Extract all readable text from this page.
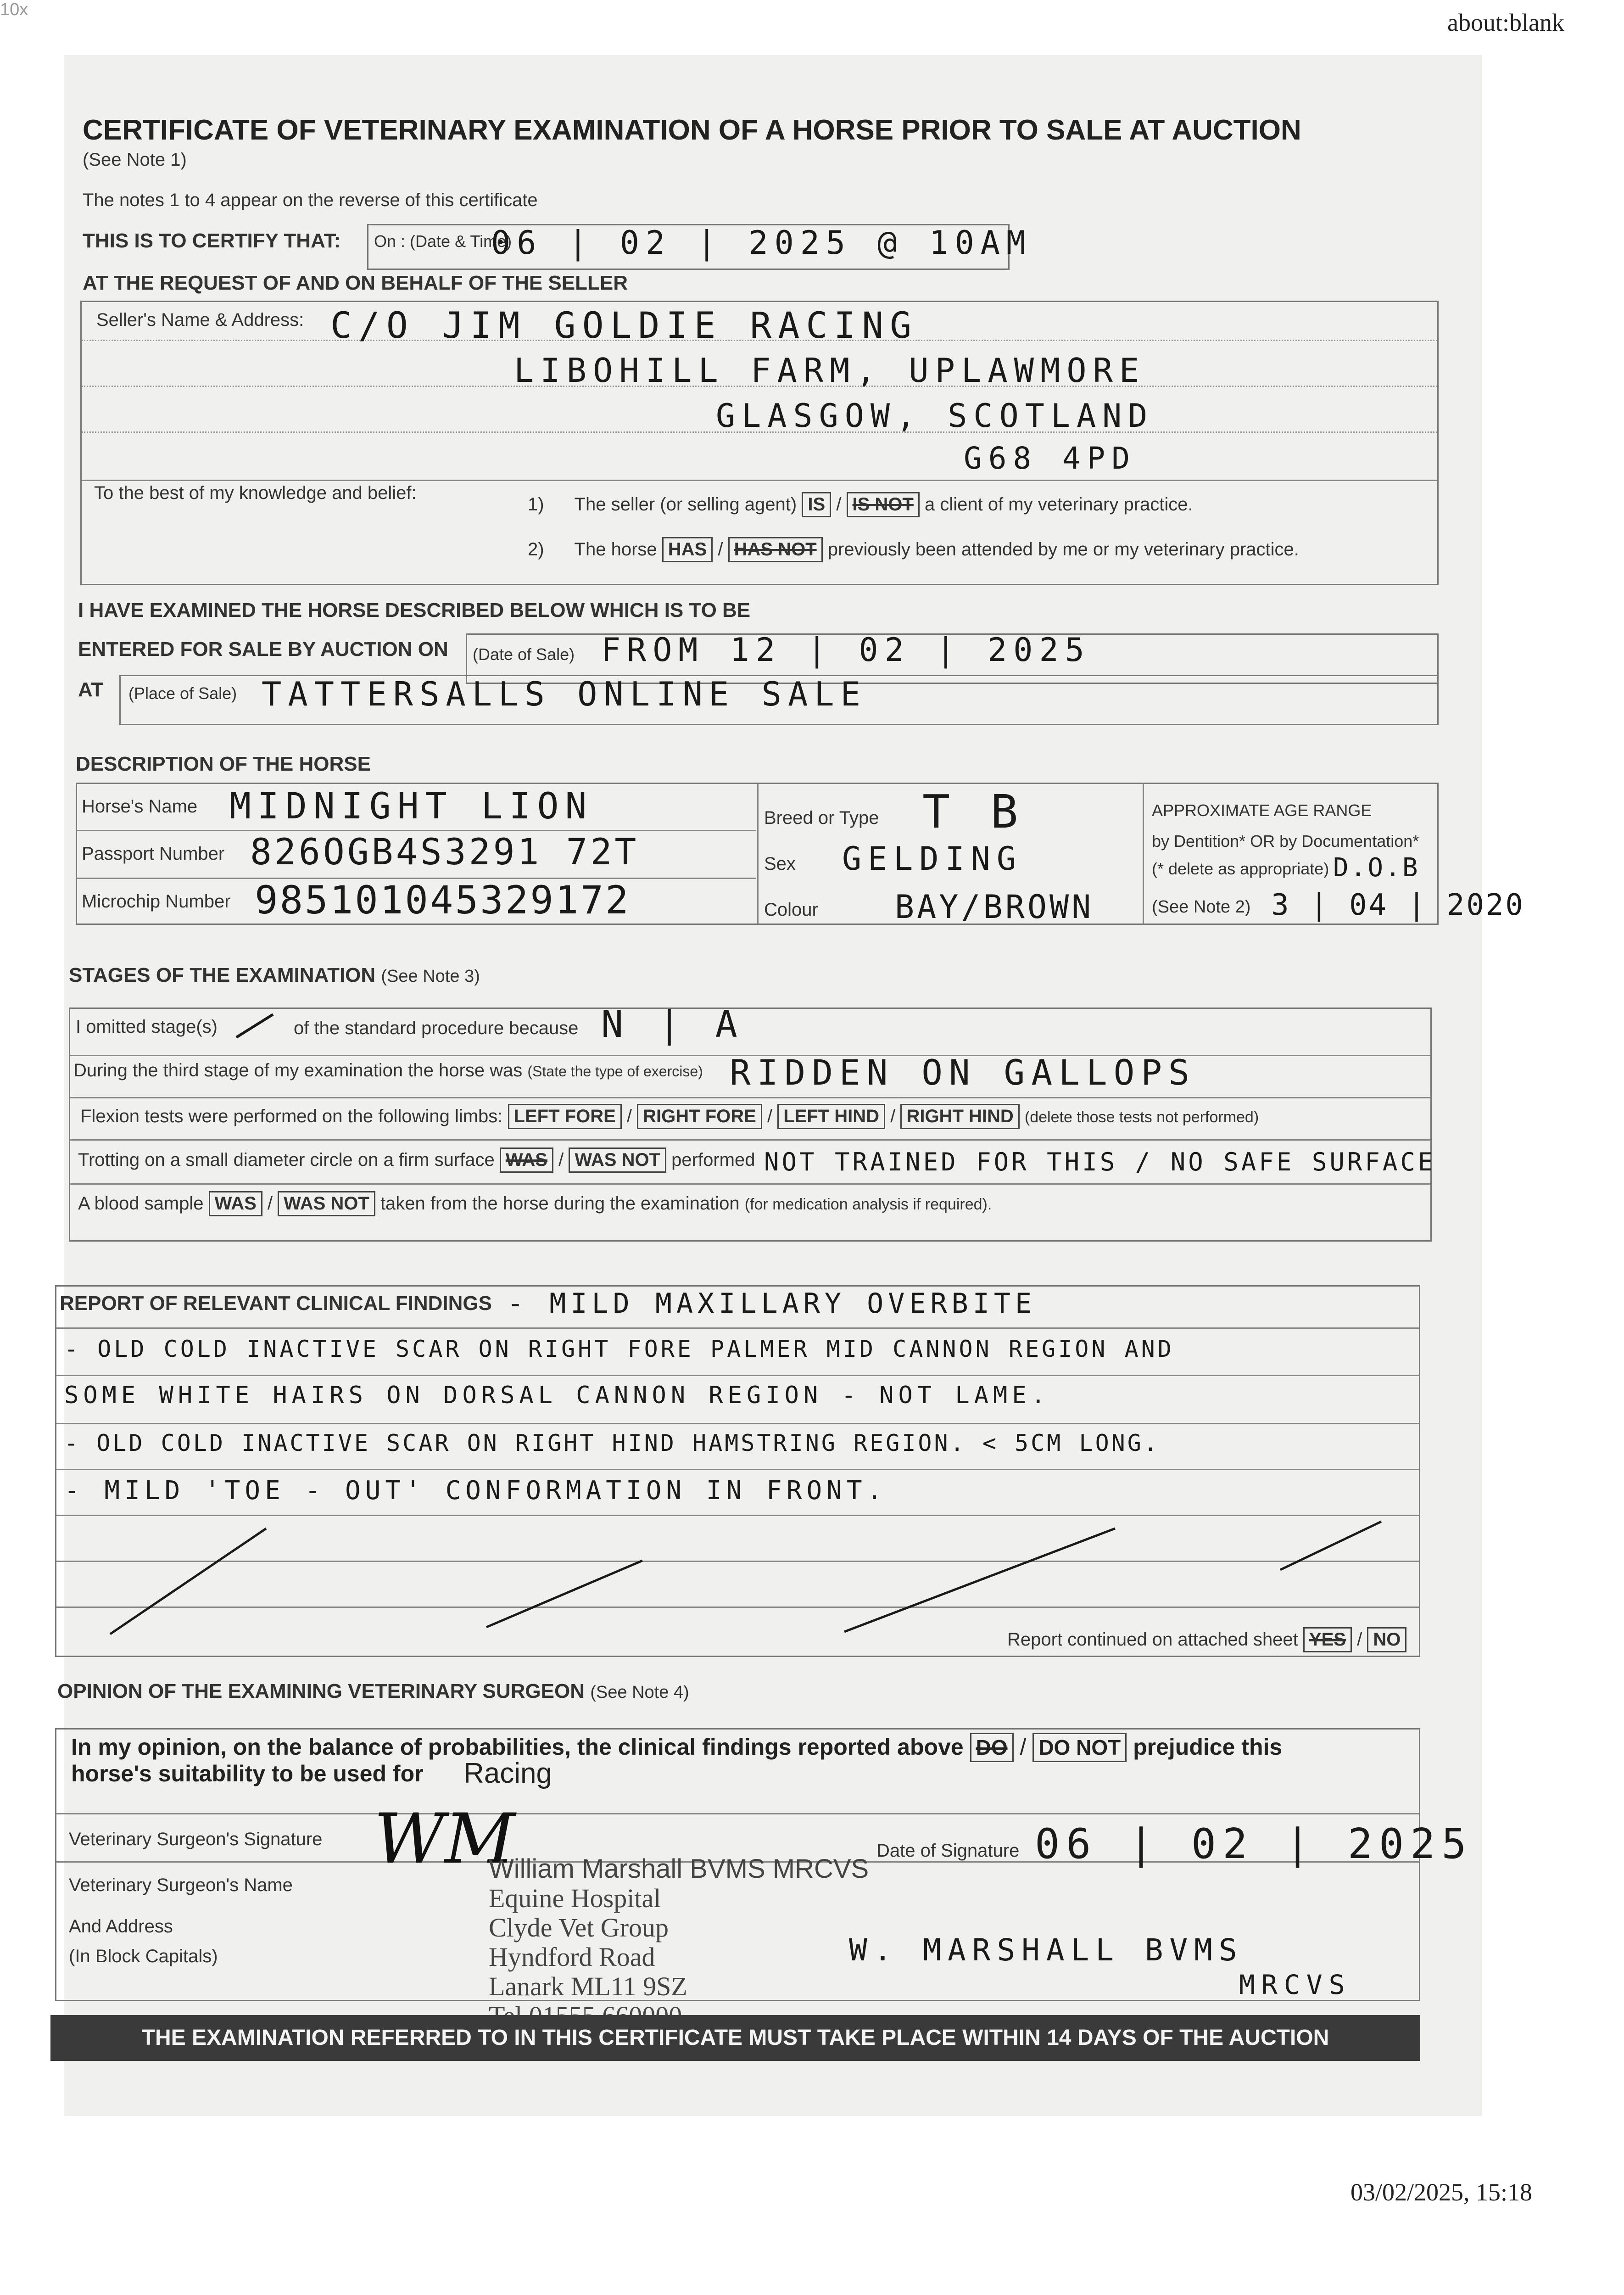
10x	about:blank
03/02/2025, 15:18
CERTIFICATE OF VETERINARY EXAMINATION OF A HORSE PRIOR TO SALE AT AUCTION
(See Note 1)
The notes 1 to 4 appear on the reverse of this certificate
THIS IS TO CERTIFY THAT: On : (Date & Time)
06 | 02 | 2025 @ 10AM
AT THE REQUEST OF AND ON BEHALF OF THE SELLER
Seller's Name & Address: C/O JIM GOLDIE RACING
LIBOHILL FARM, UPLAWMORE
GLASGOW, SCOTLAND
G68 4PD
To the best of my knowledge and belief:
1) The seller (or selling agent) IS / IS NOT a client of my veterinary practice.
2) The horse HAS / HAS NOT previously been attended by me or my veterinary practice.
I HAVE EXAMINED THE HORSE DESCRIBED BELOW WHICH IS TO BE
ENTERED FOR SALE BY AUCTION ON (Date of Sale) FROM 12 | 02 | 2025
AT (Place of Sale) TATTERSALLS ONLINE SALE
DESCRIPTION OF THE HORSE
Horse's Name MIDNIGHT LION
Passport Number 826OGB4S3291 72T
Microchip Number 985101045329172
Breed or Type T B
Sex GELDING
Colour BAY/BROWN
APPROXIMATE AGE RANGE
by Dentition* OR by Documentation*
(* delete as appropriate) D.O.B
(See Note 2) 3 | 04 | 2020
STAGES OF THE EXAMINATION (See Note 3)
I omitted stage(s)	of the standard procedure because N | A
During the third stage of my examination the horse was (State the type of exercise) RIDDEN ON GALLOPS
Flexion tests were performed on the following limbs: LEFT FORE / RIGHT FORE / LEFT HIND / RIGHT HIND (delete those tests not performed)
Trotting on a small diameter circle on a firm surface WAS / WAS NOT performed NOT TRAINED FOR THIS / NO SAFE SURFACE
A blood sample WAS / WAS NOT taken from the horse during the examination (for medication analysis if required).
REPORT OF RELEVANT CLINICAL FINDINGS - MILD MAXILLARY OVERBITE
- OLD COLD INACTIVE SCAR ON RIGHT FORE PALMER MID CANNON REGION AND
SOME WHITE HAIRS ON DORSAL CANNON REGION - NOT LAME.
- OLD COLD INACTIVE SCAR ON RIGHT HIND HAMSTRING REGION. < 5CM LONG.
- MILD 'TOE - OUT' CONFORMATION IN FRONT.
Report continued on attached sheet YES / NO
OPINION OF THE EXAMINING VETERINARY SURGEON (See Note 4)
In my opinion, on the balance of probabilities, the clinical findings reported above DO / DO NOT prejudice this
horse's suitability to be used for Racing
Veterinary Surgeon's Signature WM	Date of Signature 06 | 02 | 2025
Veterinary Surgeon's Name
And Address
(In Block Capitals)
William Marshall BVMS MRCVS
Equine Hospital
Clyde Vet Group
Hyndford Road
Lanark ML11 9SZ
W. MARSHALL BVMS
MRCVS
THE EXAMINATION REFERRED TO IN THIS CERTIFICATE MUST TAKE PLACE WITHIN 14 DAYS OF THE AUCTION
